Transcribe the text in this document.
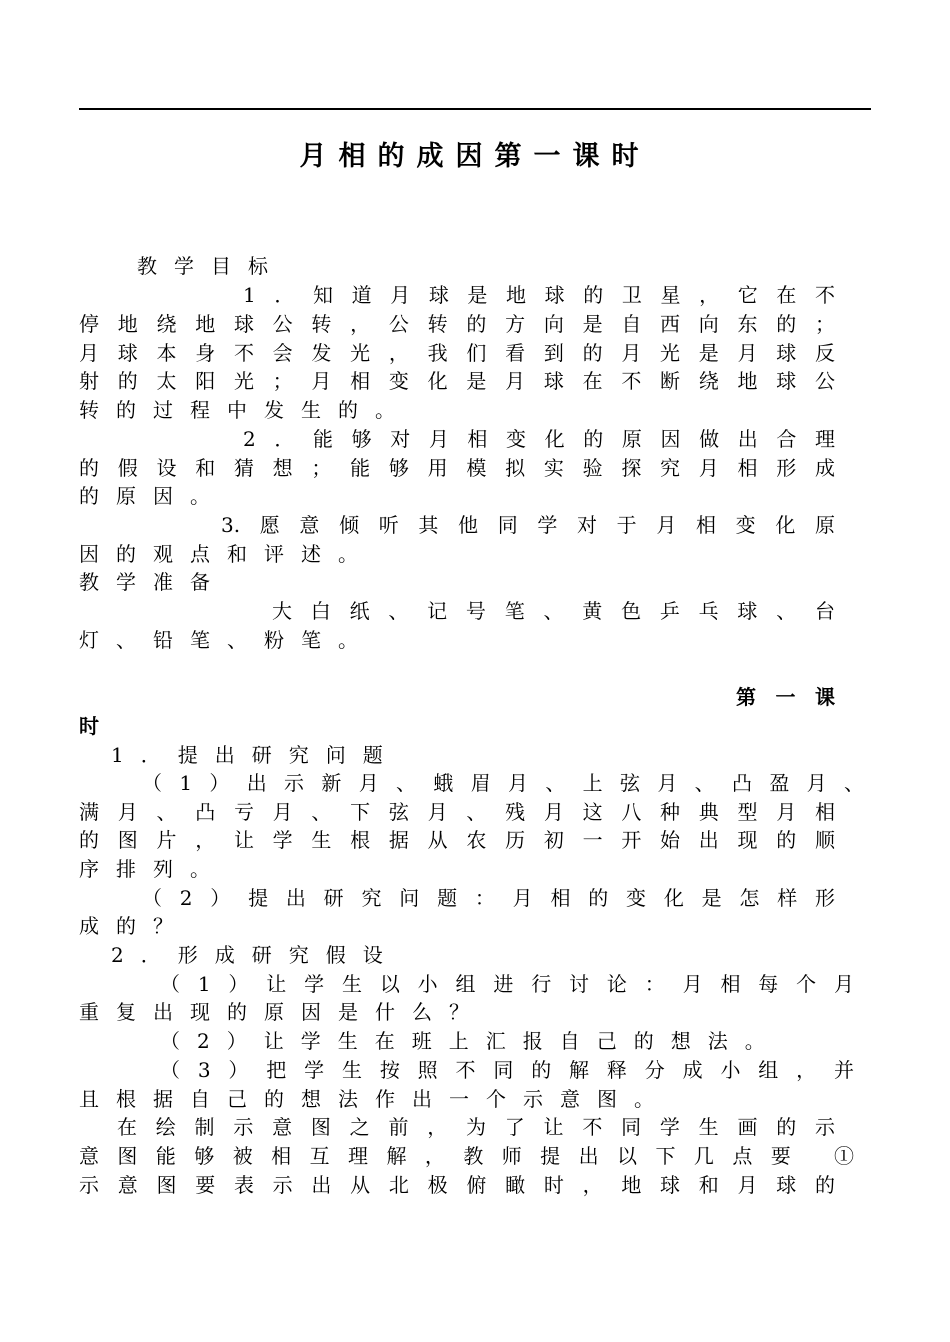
月相的成因第一课时
教学目标
1．知道月球是地球的卫星，它在不
停地绕地球公转，公转的方向是自西向东的；
月球本身不会发光，我们看到的月光是月球反
射的太阳光；月相变化是月球在不断绕地球公
转的过程中发生的。
2．能够对月相变化的原因做出合理
的假设和猜想；能够用模拟实验探究月相形成
的原因。
3.愿意倾听其他同学对于月相变化原
因的观点和评述。
教学准备
大白纸、记号笔、黄色乒乓球、台
灯、铅笔、粉笔。
第一课
时
1．提出研究问题
（1）出示新月、蛾眉月、上弦月、凸盈月、
满月、凸亏月、下弦月、残月这八种典型月相
的图片，让学生根据从农历初一开始出现的顺
序排列。
（2）提出研究问题：月相的变化是怎样形
成的？
2．形成研究假设
（1）让学生以小组进行讨论：月相每个月
重复出现的原因是什么？
（2）让学生在班上汇报自己的想法。
（3）把学生按照不同的解释分成小组，并
且根据自己的想法作出一个示意图。
在绘制示意图之前，为了让不同学生画的示
意图能够被相互理解，教师提出以下几点要 ①
示意图要表示出从北极俯瞰时，地球和月球的
